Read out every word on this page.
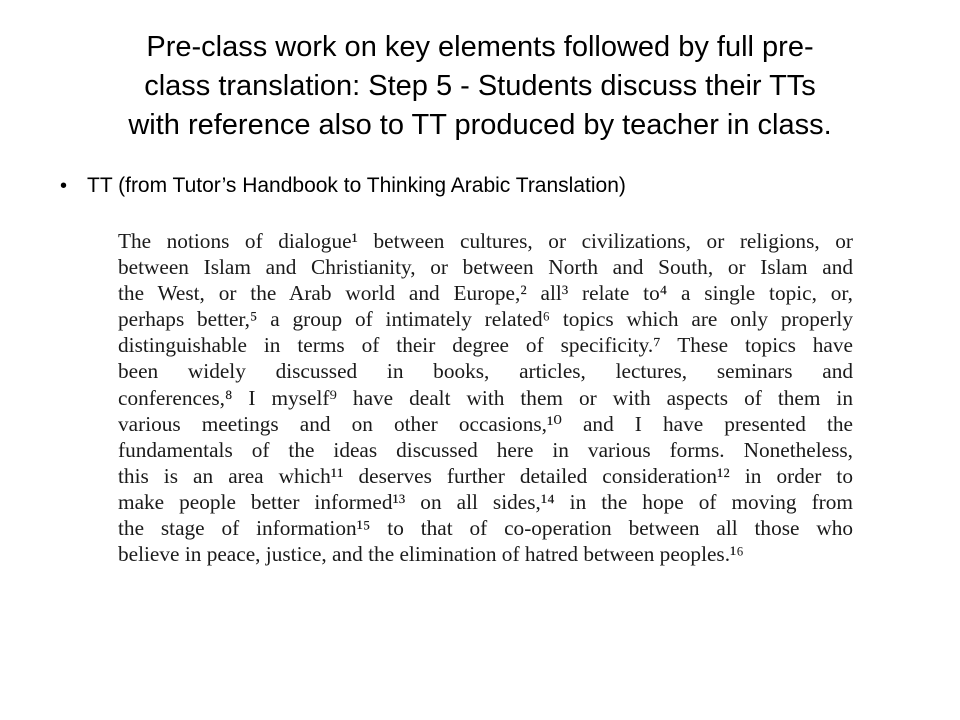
Pre-class work on key elements followed by full pre-
class translation: Step 5 - Students discuss their TTs
with reference also to TT produced by teacher in class.
• TT (from Tutor’s Handbook to Thinking Arabic Translation)
The notions of dialogue¹ between cultures, or civilizations, or religions, or
between Islam and Christianity, or between North and South, or Islam and
the West, or the Arab world and Europe,² all³ relate to⁴ a single topic, or,
perhaps better,⁵ a group of intimately related⁶ topics which are only properly
distinguishable in terms of their degree of specificity.⁷ These topics have
been widely discussed in books, articles, lectures, seminars and
conferences,⁸ I myself⁹ have dealt with them or with aspects of them in
various meetings and on other occasions,¹⁰ and I have presented the
fundamentals of the ideas discussed here in various forms. Nonetheless,
this is an area which¹¹ deserves further detailed consideration¹² in order to
make people better informed¹³ on all sides,¹⁴ in the hope of moving from
the stage of information¹⁵ to that of co-operation between all those who
believe in peace, justice, and the elimination of hatred between peoples.¹⁶
